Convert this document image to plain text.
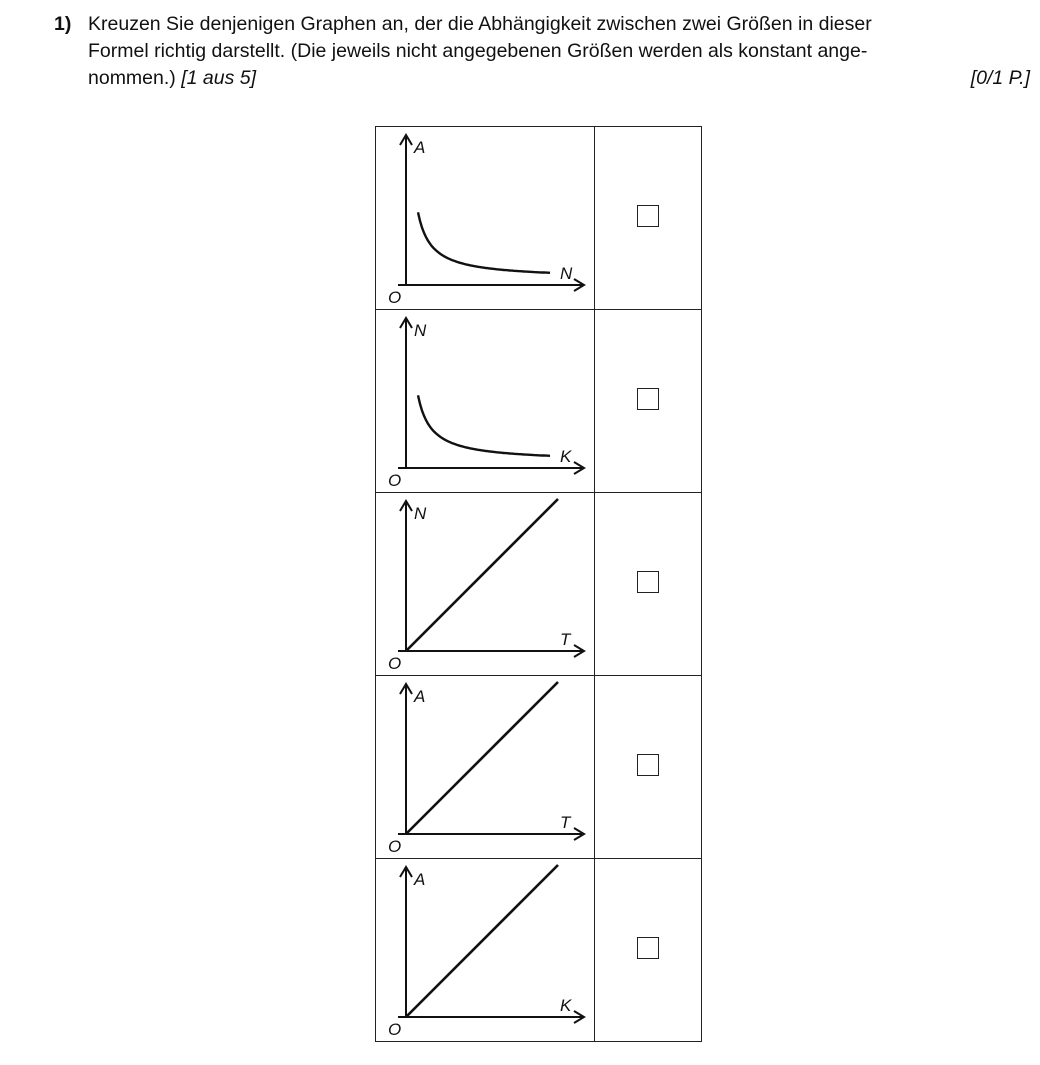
1) Kreuzen Sie denjenigen Graphen an, der die Abhängigkeit zwischen zwei Größen in dieser
Formel richtig darstellt. (Die jeweils nicht angegebenen Größen werden als konstant ange-
nommen.) [1 aus 5]	[0/1 P.]
A
N
O	

N
K
O	

N
T
O	

A
T
O	

A
K
O	
